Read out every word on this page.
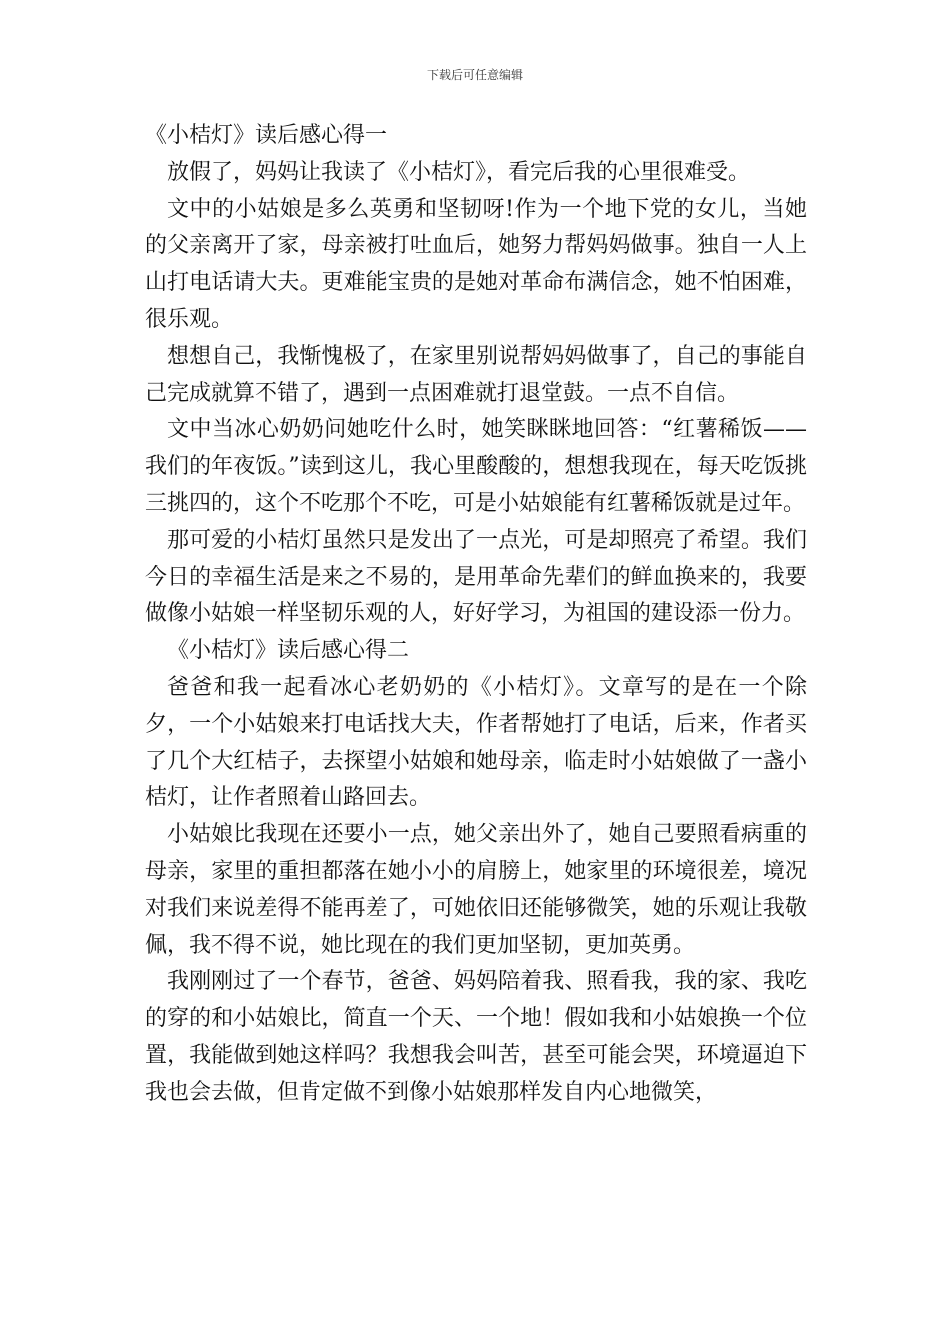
下载后可任意编辑

《小桔灯》读后感心得一

放假了，妈妈让我读了《小桔灯》，看完后我的心里很难受。

文中的小姑娘是多么英勇和坚韧呀!作为一个地下党的女儿，当她的父亲离开了家，母亲被打吐血后，她努力帮妈妈做事。独自一人上山打电话请大夫。更难能宝贵的是她对革命布满信念，她不怕困难，很乐观。

想想自己，我惭愧极了，在家里别说帮妈妈做事了，自己的事能自己完成就算不错了，遇到一点困难就打退堂鼓。一点不自信。

文中当冰心奶奶问她吃什么时，她笑眯眯地回答：“红薯稀饭——我们的年夜饭。”读到这儿，我心里酸酸的，想想我现在，每天吃饭挑三挑四的，这个不吃那个不吃，可是小姑娘能有红薯稀饭就是过年。

那可爱的小桔灯虽然只是发出了一点光，可是却照亮了希望。我们今日的幸福生活是来之不易的，是用革命先辈们的鲜血换来的，我要做像小姑娘一样坚韧乐观的人，好好学习，为祖国的建设添一份力。

《小桔灯》读后感心得二

爸爸和我一起看冰心老奶奶的《小桔灯》。文章写的是在一个除夕，一个小姑娘来打电话找大夫，作者帮她打了电话，后来，作者买了几个大红桔子，去探望小姑娘和她母亲，临走时小姑娘做了一盏小桔灯，让作者照着山路回去。

小姑娘比我现在还要小一点，她父亲出外了，她自己要照看病重的母亲，家里的重担都落在她小小的肩膀上，她家里的环境很差，境况对我们来说差得不能再差了，可她依旧还能够微笑，她的乐观让我敬佩，我不得不说，她比现在的我们更加坚韧，更加英勇。

我刚刚过了一个春节，爸爸、妈妈陪着我、照看我，我的家、我吃的穿的和小姑娘比，简直一个天、一个地！假如我和小姑娘换一个位置，我能做到她这样吗？我想我会叫苦，甚至可能会哭，环境逼迫下我也会去做，但肯定做不到像小姑娘那样发自内心地微笑，
